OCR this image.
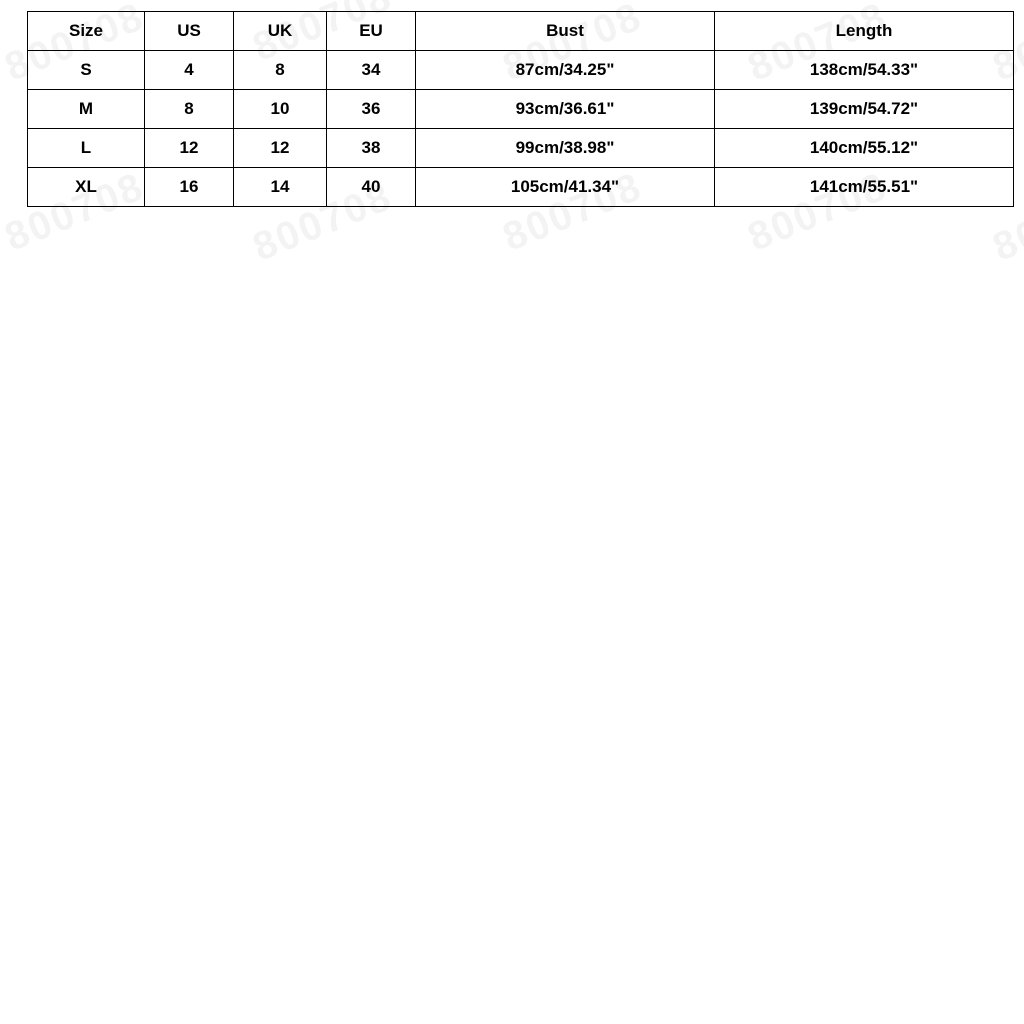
Size	US	UK	EU	Bust	Length
S	4	8	34	87cm/34.25"	138cm/54.33"
M	8	10	36	93cm/36.61"	139cm/54.72"
L	12	12	38	99cm/38.98"	140cm/55.12"
XL	16	14	40	105cm/41.34"	141cm/55.51"
